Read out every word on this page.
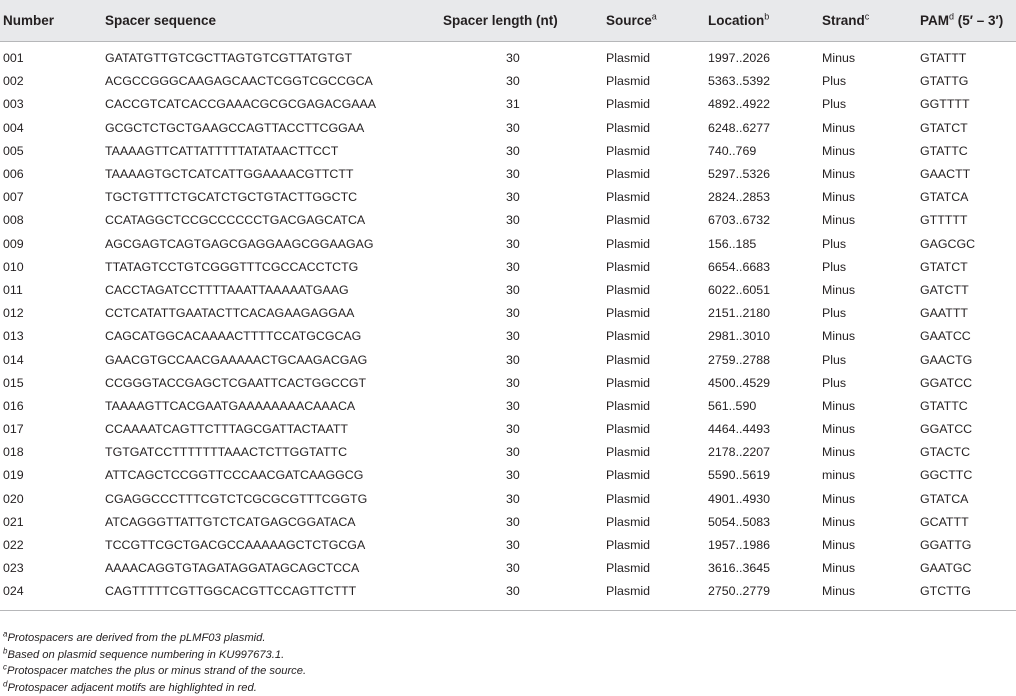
Number	Spacer sequence	Spacer length (nt)	Source$^a$	Location$^b$	Strand$^c$	PAM$^d$ (5′ – 3′)
001	GATATGTTGTCGCTTAGTGTCGTTATGTGT	30	Plasmid	1997..2026	Minus	GTATTT
002	ACGCCGGGCAAGAGCAACTCGGTCGCCGCA	30	Plasmid	5363..5392	Plus	GTATTG
003	CACCGTCATCACCGAAACGCGCGAGACGAAA	31	Plasmid	4892..4922	Plus	GGTTTT
004	GCGCTCTGCTGAAGCCAGTTACCTTCGGAA	30	Plasmid	6248..6277	Minus	GTATCT
005	TAAAAGTTCATTATTTTTATATAACTTCCT	30	Plasmid	740..769	Minus	GTATTC
006	TAAAAGTGCTCATCATTGGAAAACGTTCTT	30	Plasmid	5297..5326	Minus	GAACTT
007	TGCTGTTTCTGCATCTGCTGTACTTGGCTC	30	Plasmid	2824..2853	Minus	GTATCA
008	CCATAGGCTCCGCCCCCCTGACGAGCATCA	30	Plasmid	6703..6732	Minus	GTTTTT
009	AGCGAGTCAGTGAGCGAGGAAGCGGAAGAG	30	Plasmid	156..185	Plus	GAGCGC
010	TTATAGTCCTGTCGGGTTTCGCCACCTCTG	30	Plasmid	6654..6683	Plus	GTATCT
011	CACCTAGATCCTTTTAAATTAAAAATGAAG	30	Plasmid	6022..6051	Minus	GATCTT
012	CCTCATATTGAATACTTCACAGAAGAGGAA	30	Plasmid	2151..2180	Plus	GAATTT
013	CAGCATGGCACAAAACTTTTCCATGCGCAG	30	Plasmid	2981..3010	Minus	GAATCC
014	GAACGTGCCAACGAAAAACTGCAAGACGAG	30	Plasmid	2759..2788	Plus	GAACTG
015	CCGGGTACCGAGCTCGAATTCACTGGCCGT	30	Plasmid	4500..4529	Plus	GGATCC
016	TAAAAGTTCACGAATGAAAAAAAACAAACA	30	Plasmid	561..590	Minus	GTATTC
017	CCAAAATCAGTTCTTTAGCGATTACTAATT	30	Plasmid	4464..4493	Minus	GGATCC
018	TGTGATCCTTTTTTTAAACTCTTGGTATTC	30	Plasmid	2178..2207	Minus	GTACTC
019	ATTCAGCTCCGGTTCCCAACGATCAAGGCG	30	Plasmid	5590..5619	minus	GGCTTC
020	CGAGGCCCTTTCGTCTCGCGCGTTTCGGTG	30	Plasmid	4901..4930	Minus	GTATCA
021	ATCAGGGTTATTGTCTCATGAGCGGATACA	30	Plasmid	5054..5083	Minus	GCATTT
022	TCCGTTCGCTGACGCCAAAAAGCTCTGCGA	30	Plasmid	1957..1986	Minus	GGATTG
023	AAAACAGGTGTAGATAGGATAGCAGCTCCA	30	Plasmid	3616..3645	Minus	GAATGC
024	CAGTTTTTCGTTGGCACGTTCCAGTTCTTT	30	Plasmid	2750..2779	Minus	GTCTTG
$^a$Protospacers are derived from the pLMF03 plasmid.
$^b$Based on plasmid sequence numbering in KU997673.1.
$^c$Protospacer matches the plus or minus strand of the source.
$^d$Protospacer adjacent motifs are highlighted in red.
